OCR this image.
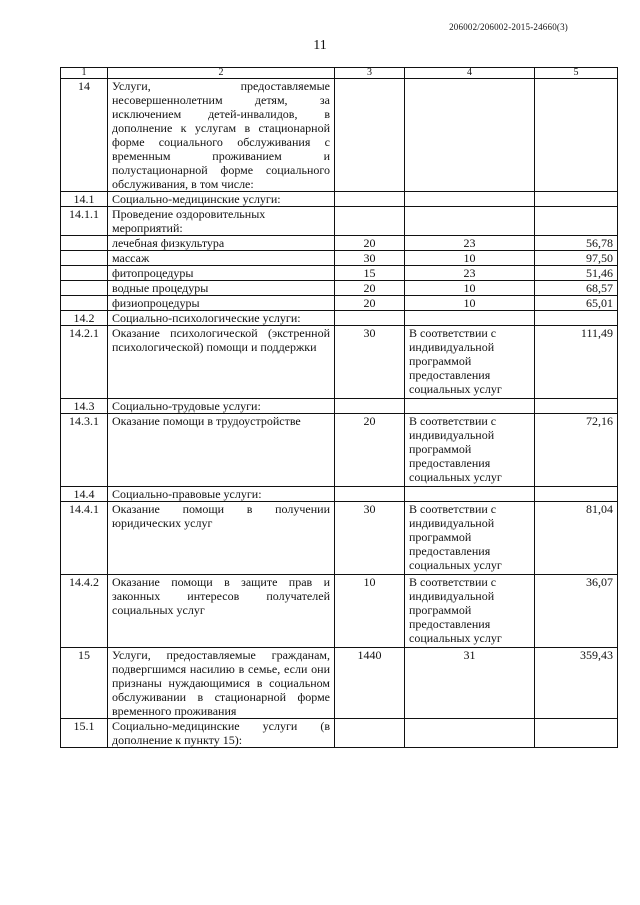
206002/206002-2015-24660(3)
11
1	2	3	4	5
14	Услуги, предоставляемые несовершеннолетним детям, за исключением детей-инвалидов, в дополнение к услугам в стационарной форме социального обслуживания с временным проживанием и полустационарной форме социального обслуживания, в том числе:			
14.1	Социально-медицинские услуги:			
14.1.1	Проведение оздоровительных мероприятий:			
	лечебная физкультура	20	23	56,78
	массаж	30	10	97,50
	фитопроцедуры	15	23	51,46
	водные процедуры	20	10	68,57
	физиопроцедуры	20	10	65,01
14.2	Социально-психологические услуги:			
14.2.1	Оказание психологической (экстренной психологической) помощи и поддержки	30	В соответствии с индивидуальной программой предоставления социальных услуг	111,49
14.3	Социально-трудовые услуги:			
14.3.1	Оказание помощи в трудоустройстве	20	В соответствии с индивидуальной программой предоставления социальных услуг	72,16
14.4	Социально-правовые услуги:			
14.4.1	Оказание помощи в получении юридических услуг	30	В соответствии с индивидуальной программой предоставления социальных услуг	81,04
14.4.2	Оказание помощи в защите прав и законных интересов получателей социальных услуг	10	В соответствии с индивидуальной программой предоставления социальных услуг	36,07
15	Услуги, предоставляемые гражданам, подвергшимся насилию в семье, если они признаны нуждающимися в социальном обслуживании в стационарной форме временного проживания	1440	31	359,43
15.1	Социально-медицинские услуги (в дополнение к пункту 15):			
